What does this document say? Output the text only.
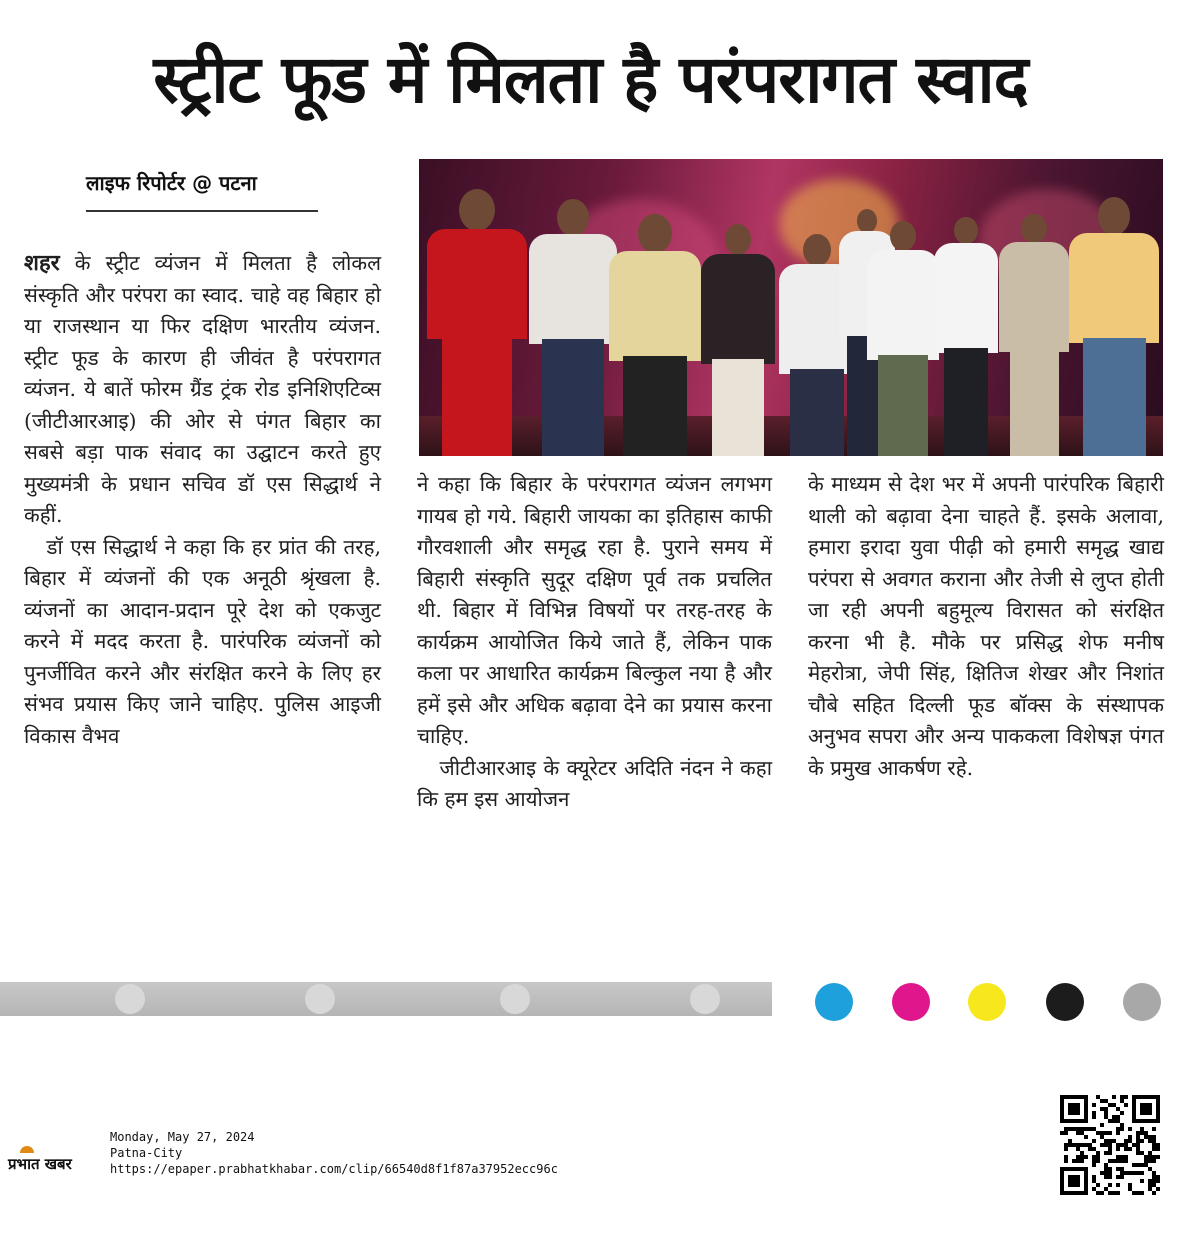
स्ट्रीट फूड में मिलता है परंपरागत स्वाद
लाइफ रिपोर्टर @ पटना

शहर के स्ट्रीट व्यंजन में मिलता है लोकल संस्कृति और परंपरा का स्वाद. चाहे वह बिहार हो या राजस्थान या फिर दक्षिण भारतीय व्यंजन. स्ट्रीट फूड के कारण ही जीवंत है परंपरागत व्यंजन. ये बातें फोरम ग्रैंड ट्रंक रोड इनिशिएटिव्स (जीटीआरआइ) की ओर से पंगत बिहार का सबसे बड़ा पाक संवाद का उद्घाटन करते हुए मुख्यमंत्री के प्रधान सचिव डॉ एस सिद्धार्थ ने कहीं.

डॉ एस सिद्धार्थ ने कहा कि हर प्रांत की तरह, बिहार में व्यंजनों की एक अनूठी श्रृंखला है. व्यंजनों का आदान-प्रदान पूरे देश को एकजुट करने में मदद करता है. पारंपरिक व्यंजनों को पुनर्जीवित करने और संरक्षित करने के लिए हर संभव प्रयास किए जाने चाहिए. पुलिस आइजी विकास वैभव

ने कहा कि बिहार के परंपरागत व्यंजन लगभग गायब हो गये. बिहारी जायका का इतिहास काफी गौरवशाली और समृद्ध रहा है. पुराने समय में बिहारी संस्कृति सुदूर दक्षिण पूर्व तक प्रचलित थी. बिहार में विभिन्न विषयों पर तरह-तरह के कार्यक्रम आयोजित किये जाते हैं, लेकिन पाक कला पर आधारित कार्यक्रम बिल्कुल नया है और हमें इसे और अधिक बढ़ावा देने का प्रयास करना चाहिए.

जीटीआरआइ के क्यूरेटर अदिति नंदन ने कहा कि हम इस आयोजन

के माध्यम से देश भर में अपनी पारंपरिक बिहारी थाली को बढ़ावा देना चाहते हैं. इसके अलावा, हमारा इरादा युवा पीढ़ी को हमारी समृद्ध खाद्य परंपरा से अवगत कराना और तेजी से लुप्त होती जा रही अपनी बहुमूल्य विरासत को संरक्षित करना भी है. मौके पर प्रसिद्ध शेफ मनीष मेहरोत्रा, जेपी सिंह, क्षितिज शेखर और निशांत चौबे सहित दिल्ली फूड बॉक्स के संस्थापक अनुभव सपरा और अन्य पाककला विशेषज्ञ पंगत के प्रमुख आकर्षण रहे.

प्रभात खबर
Monday, May 27, 2024
Patna-City
https://epaper.prabhatkhabar.com/clip/66540d8f1f87a37952ecc96c
